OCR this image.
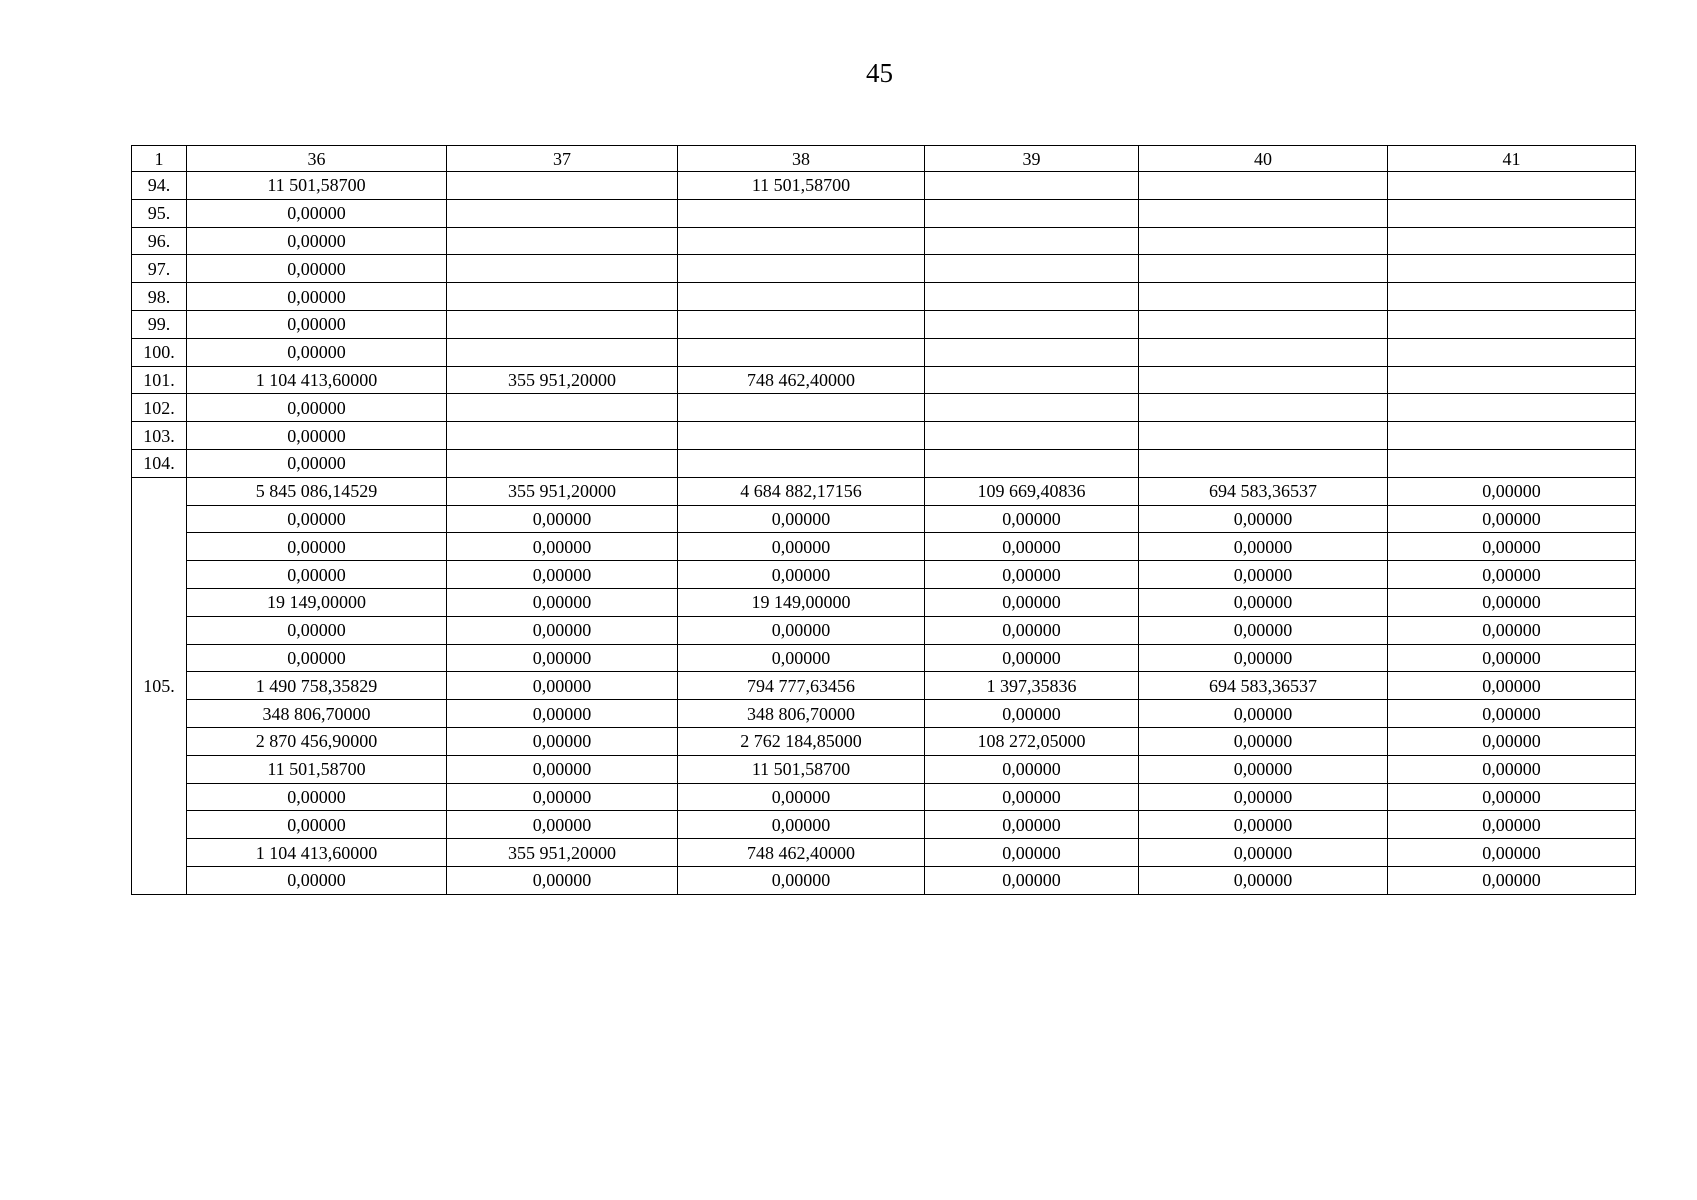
45
1	36	37	38	39	40	41
94.	11 501,58700		11 501,58700			
95.	0,00000					
96.	0,00000					
97.	0,00000					
98.	0,00000					
99.	0,00000					
100.	0,00000					
101.	1 104 413,60000	355 951,20000	748 462,40000			
102.	0,00000					
103.	0,00000					
104.	0,00000					
105.	5 845 086,14529	355 951,20000	4 684 882,17156	109 669,40836	694 583,36537	0,00000
	0,00000	0,00000	0,00000	0,00000	0,00000	0,00000
	0,00000	0,00000	0,00000	0,00000	0,00000	0,00000
	0,00000	0,00000	0,00000	0,00000	0,00000	0,00000
	19 149,00000	0,00000	19 149,00000	0,00000	0,00000	0,00000
	0,00000	0,00000	0,00000	0,00000	0,00000	0,00000
	0,00000	0,00000	0,00000	0,00000	0,00000	0,00000
	1 490 758,35829	0,00000	794 777,63456	1 397,35836	694 583,36537	0,00000
	348 806,70000	0,00000	348 806,70000	0,00000	0,00000	0,00000
	2 870 456,90000	0,00000	2 762 184,85000	108 272,05000	0,00000	0,00000
	11 501,58700	0,00000	11 501,58700	0,00000	0,00000	0,00000
	0,00000	0,00000	0,00000	0,00000	0,00000	0,00000
	0,00000	0,00000	0,00000	0,00000	0,00000	0,00000
	1 104 413,60000	355 951,20000	748 462,40000	0,00000	0,00000	0,00000
	0,00000	0,00000	0,00000	0,00000	0,00000	0,00000
